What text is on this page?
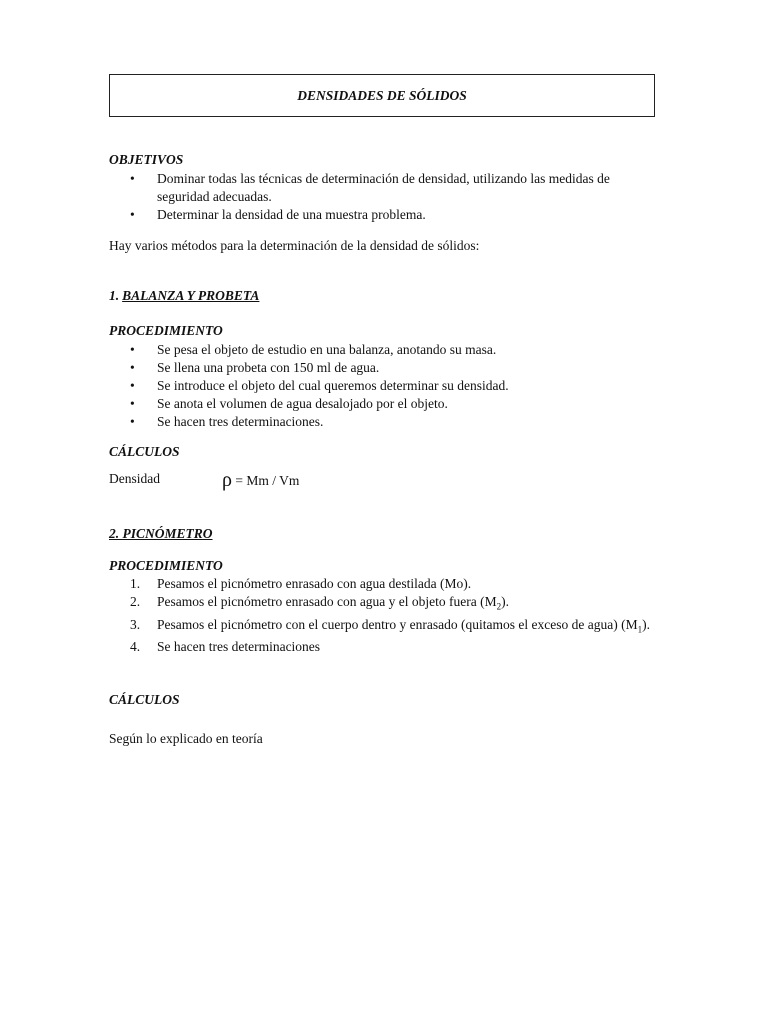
DENSIDADES DE SÓLIDOS
OBJETIVOS
•	Dominar todas las técnicas de determinación de densidad, utilizando las medidas de seguridad adecuadas.
•	Determinar la densidad de una muestra problema.
Hay varios métodos para la determinación de la densidad de sólidos:
1. BALANZA Y PROBETA
PROCEDIMIENTO
•	Se pesa el objeto de estudio en una balanza, anotando su masa.
•	Se llena una probeta con 150 ml de agua.
•	Se introduce el objeto del cual queremos determinar su densidad.
•	Se anota el volumen de agua desalojado por el objeto.
•	Se hacen tres determinaciones.
CÁLCULOS
Densidad	ρ = Mm / Vm
2. PICNÓMETRO
PROCEDIMIENTO
1.	Pesamos el picnómetro enrasado con agua destilada (Mo).
2.	Pesamos el picnómetro enrasado con agua y el objeto fuera $(M_2)$.
3.	Pesamos el picnómetro con el cuerpo dentro y enrasado (quitamos el exceso de agua) $(M_1)$.
4.	Se hacen tres determinaciones
CÁLCULOS
Según lo explicado en teoría
